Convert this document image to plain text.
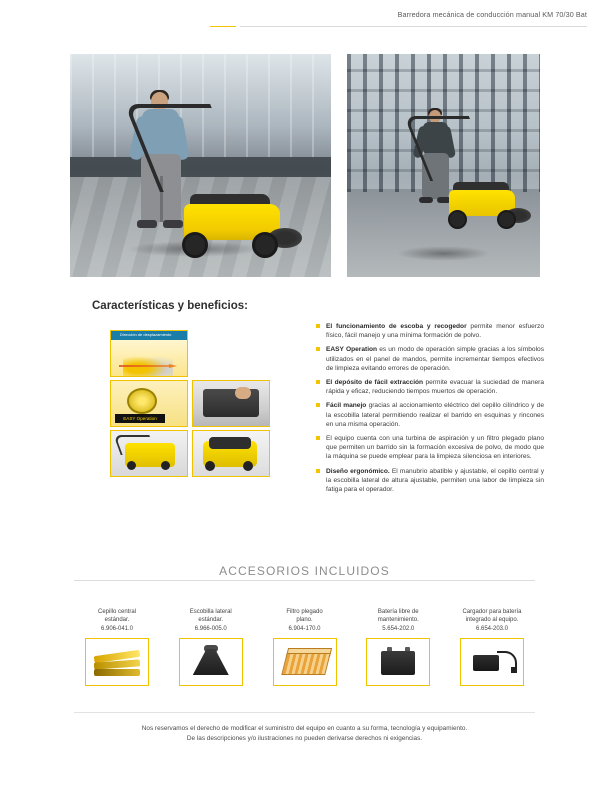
Barredora mecánica de conducción manual KM 70/30 Bat
Características y beneficios:
Dirección de desplazamiento
EASY Operation
El funcionamiento de escoba y recogedor permite menor esfuerzo físico, fácil manejo y una mínima formación de polvo.
EASY Operation es un modo de operación simple gracias a los símbolos utilizados en el panel de mandos, permite incrementar tiempos efectivos de limpieza evitando errores de operación.
El depósito de fácil extracción permite evacuar la suciedad de manera rápida y eficaz, reduciendo tiempos muertos de operación.
Fácil manejo gracias al accionamiento eléctrico del cepillo cilíndrico y de la escobilla lateral permitiendo realizar el barrido en esquinas y rincones en una misma operación.
El equipo cuenta con una turbina de aspiración y un filtro plegado plano que permiten un barrido sin la formación excesiva de polvo, de modo que la máquina se puede emplear para la limpieza silenciosa en interiores.
Diseño ergonómico. El manubrio abatible y ajustable, el cepillo central y la escobilla lateral de altura ajustable, permiten una labor de limpieza sin fatiga para el operador.
ACCESORIOS INCLUIDOS
Cepillo central
estándar.
6.906-041.0
Escobilla lateral
estándar.
6.966-005.0
Filtro plegado
plano.
6.904-170.0
Batería libre de
mantenimiento.
5.654-202.0
Cargador para batería
integrado al equipo.
6.654-203.0
Nos reservamos el derecho de modificar el suministro del equipo en cuanto a su forma, tecnología y equipamiento.
De las descripciones y/o ilustraciones no pueden derivarse derechos ni exigencias.
